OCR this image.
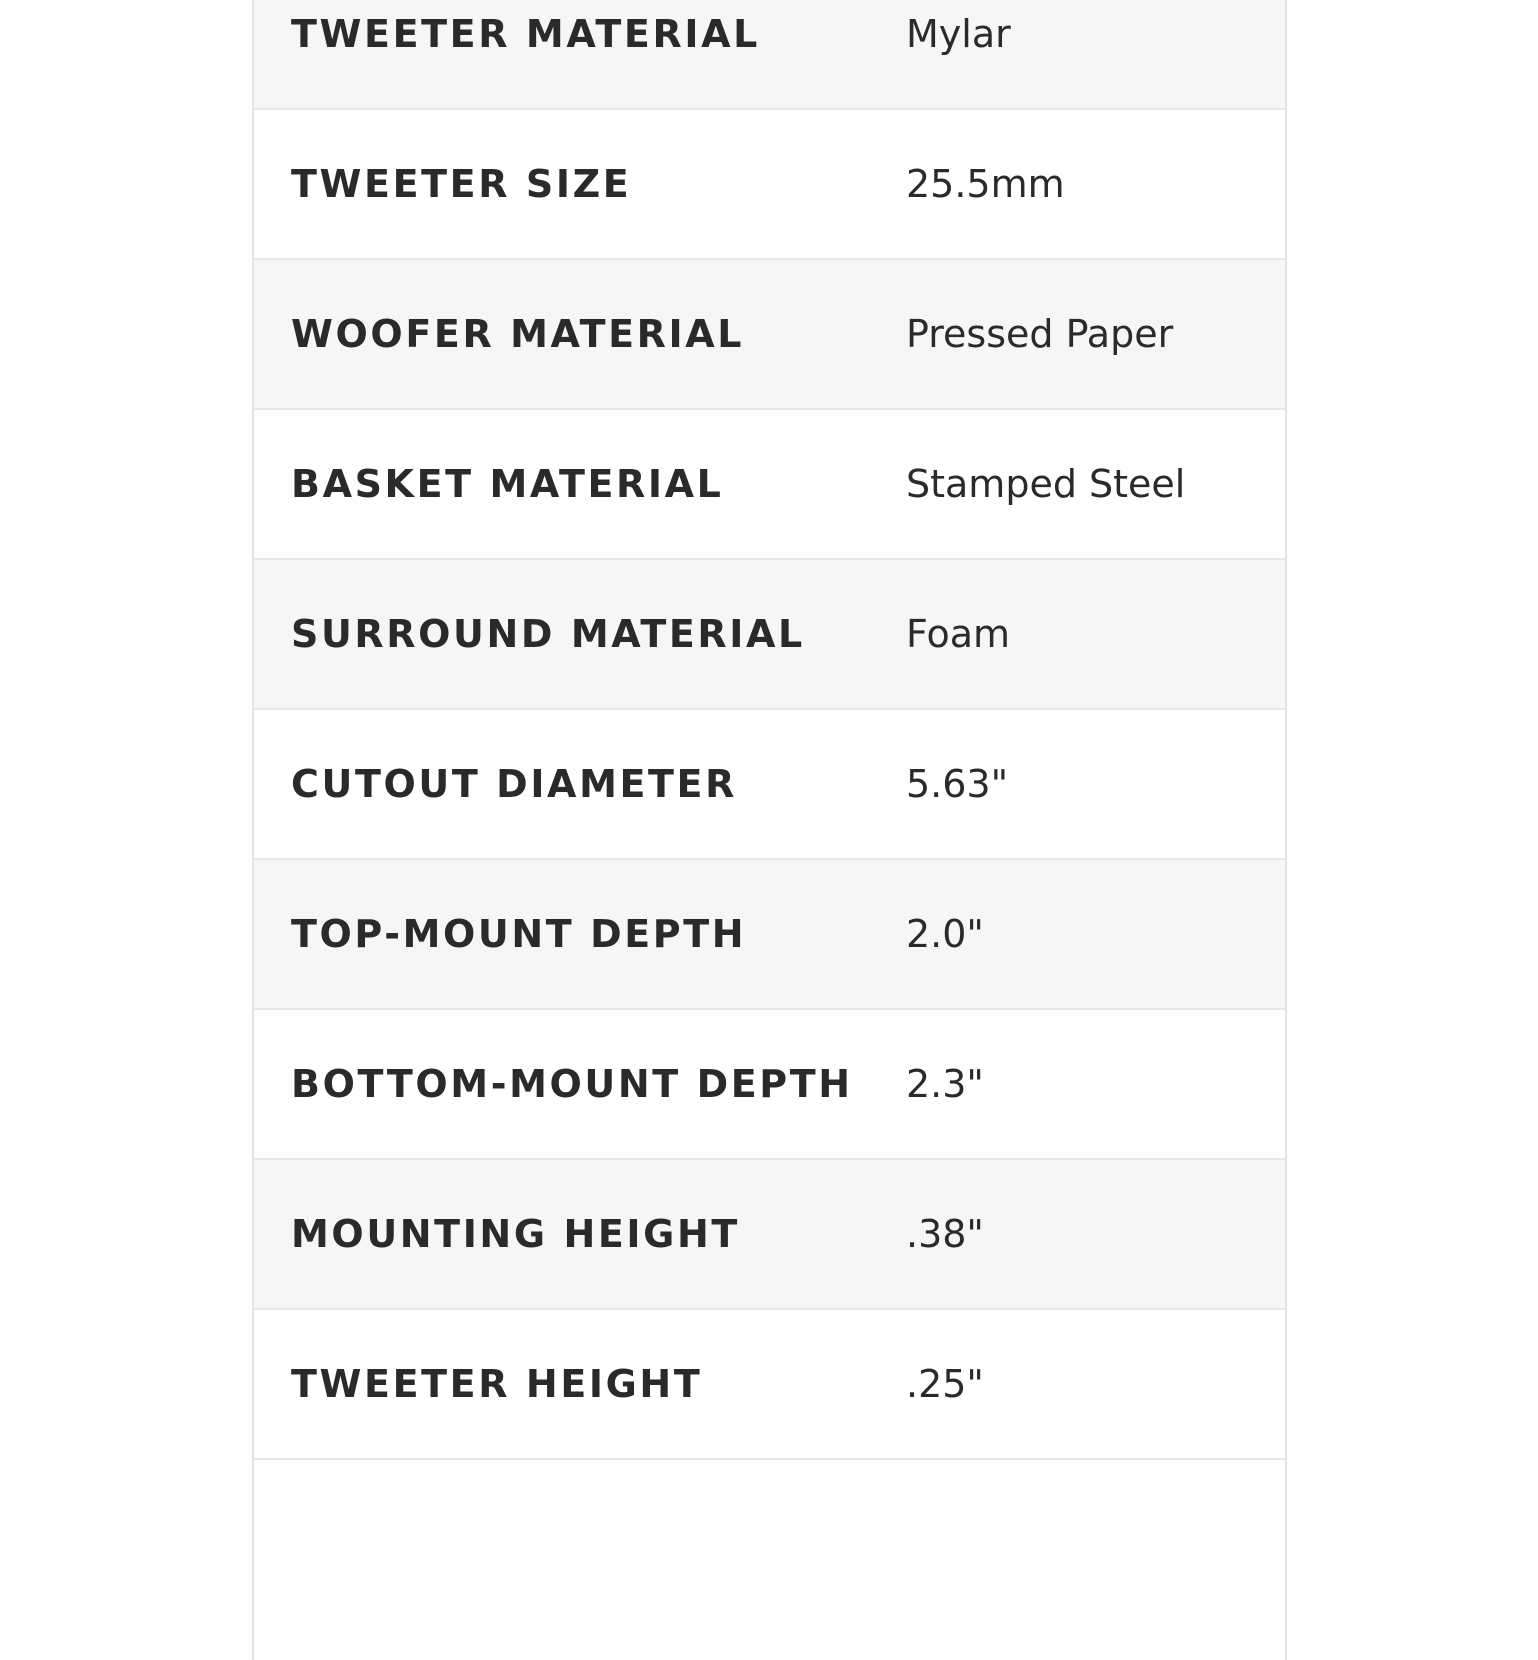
TWEETER MATERIAL	Mylar
TWEETER SIZE	25.5mm
WOOFER MATERIAL	Pressed Paper
BASKET MATERIAL	Stamped Steel
SURROUND MATERIAL	Foam
CUTOUT DIAMETER	5.63"
TOP-MOUNT DEPTH	2.0"
BOTTOM-MOUNT DEPTH	2.3"
MOUNTING HEIGHT	.38"
TWEETER HEIGHT	.25"
